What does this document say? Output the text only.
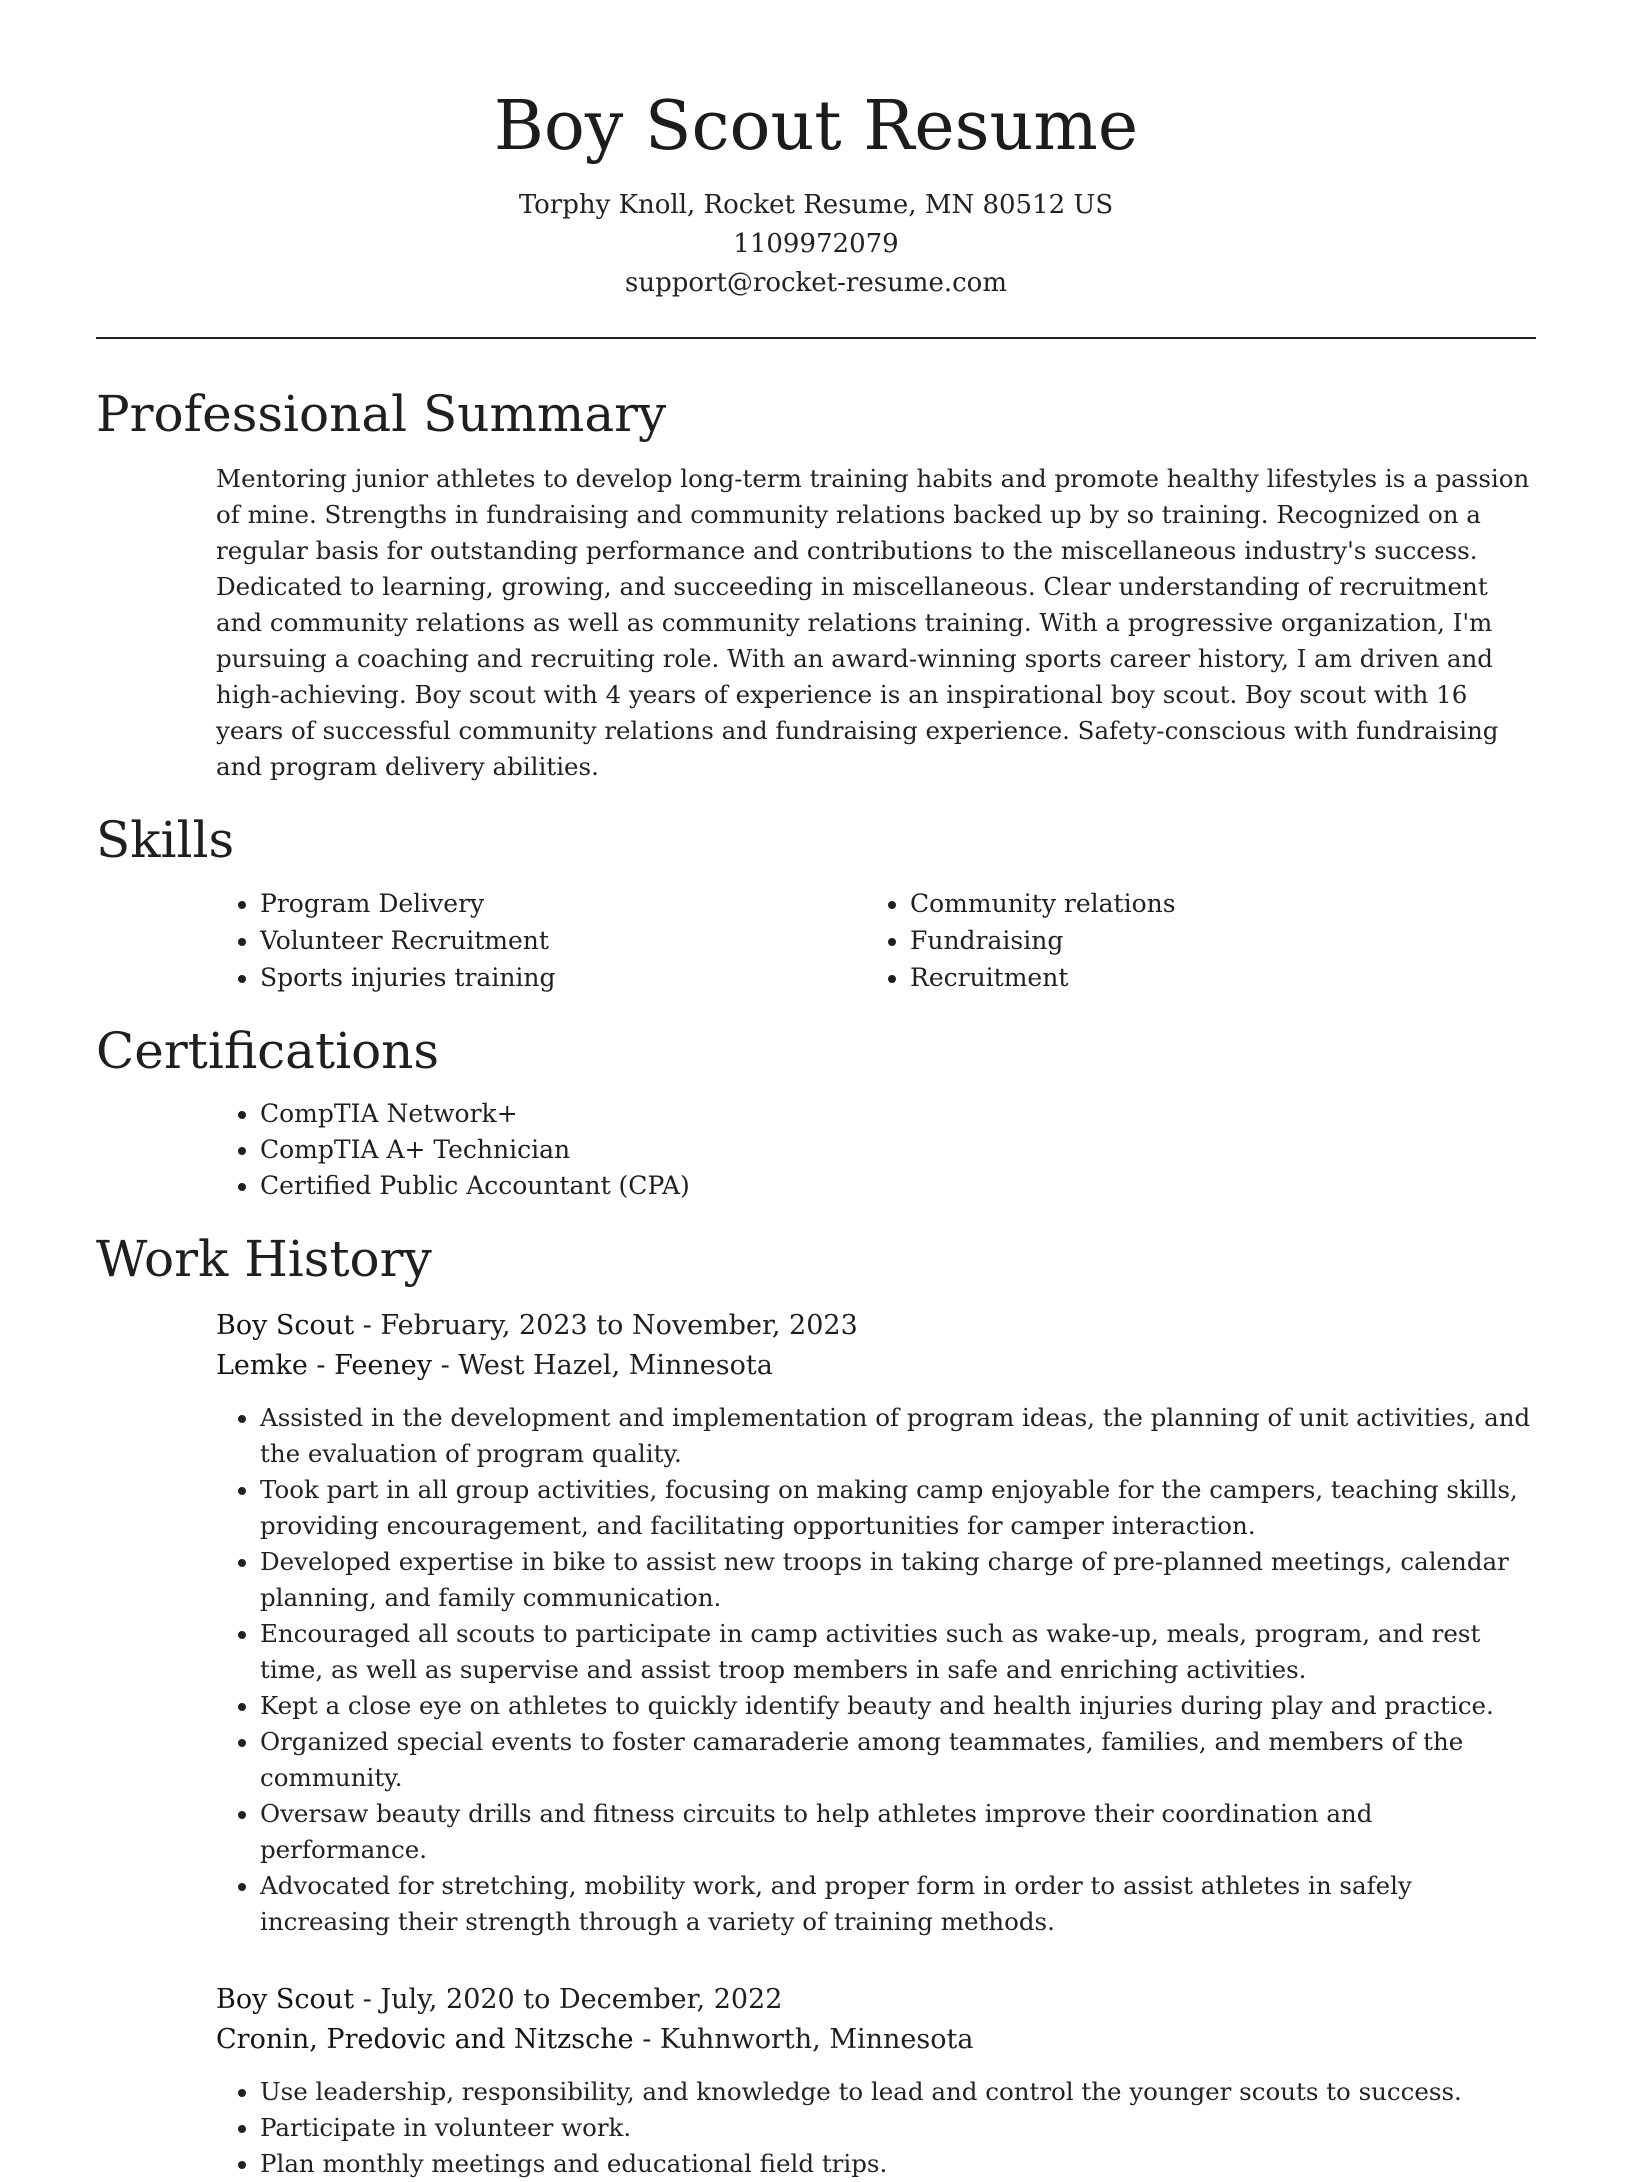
Boy Scout Resume
Torphy Knoll, Rocket Resume, MN 80512 US
1109972079
support@rocket-resume.com
Professional Summary
Mentoring junior athletes to develop long-term training habits and promote healthy lifestyles is a passion of mine. Strengths in fundraising and community relations backed up by so training. Recognized on a regular basis for outstanding performance and contributions to the miscellaneous industry's success. Dedicated to learning, growing, and succeeding in miscellaneous. Clear understanding of recruitment and community relations as well as community relations training. With a progressive organization, I'm pursuing a coaching and recruiting role. With an award-winning sports career history, I am driven and high-achieving. Boy scout with 4 years of experience is an inspirational boy scout. Boy scout with 16 years of successful community relations and fundraising experience. Safety-conscious with fundraising and program delivery abilities.
Skills
• Program Delivery
• Volunteer Recruitment
• Sports injuries training
• Community relations
• Fundraising
• Recruitment
Certifications
• CompTIA Network+
• CompTIA A+ Technician
• Certified Public Accountant (CPA)
Work History
Boy Scout - February, 2023 to November, 2023
Lemke - Feeney - West Hazel, Minnesota
• Assisted in the development and implementation of program ideas, the planning of unit activities, and the evaluation of program quality.
• Took part in all group activities, focusing on making camp enjoyable for the campers, teaching skills, providing encouragement, and facilitating opportunities for camper interaction.
• Developed expertise in bike to assist new troops in taking charge of pre-planned meetings, calendar planning, and family communication.
• Encouraged all scouts to participate in camp activities such as wake-up, meals, program, and rest time, as well as supervise and assist troop members in safe and enriching activities.
• Kept a close eye on athletes to quickly identify beauty and health injuries during play and practice.
• Organized special events to foster camaraderie among teammates, families, and members of the community.
• Oversaw beauty drills and fitness circuits to help athletes improve their coordination and performance.
• Advocated for stretching, mobility work, and proper form in order to assist athletes in safely increasing their strength through a variety of training methods.
Boy Scout - July, 2020 to December, 2022
Cronin, Predovic and Nitzsche - Kuhnworth, Minnesota
• Use leadership, responsibility, and knowledge to lead and control the younger scouts to success.
• Participate in volunteer work.
• Plan monthly meetings and educational field trips.
